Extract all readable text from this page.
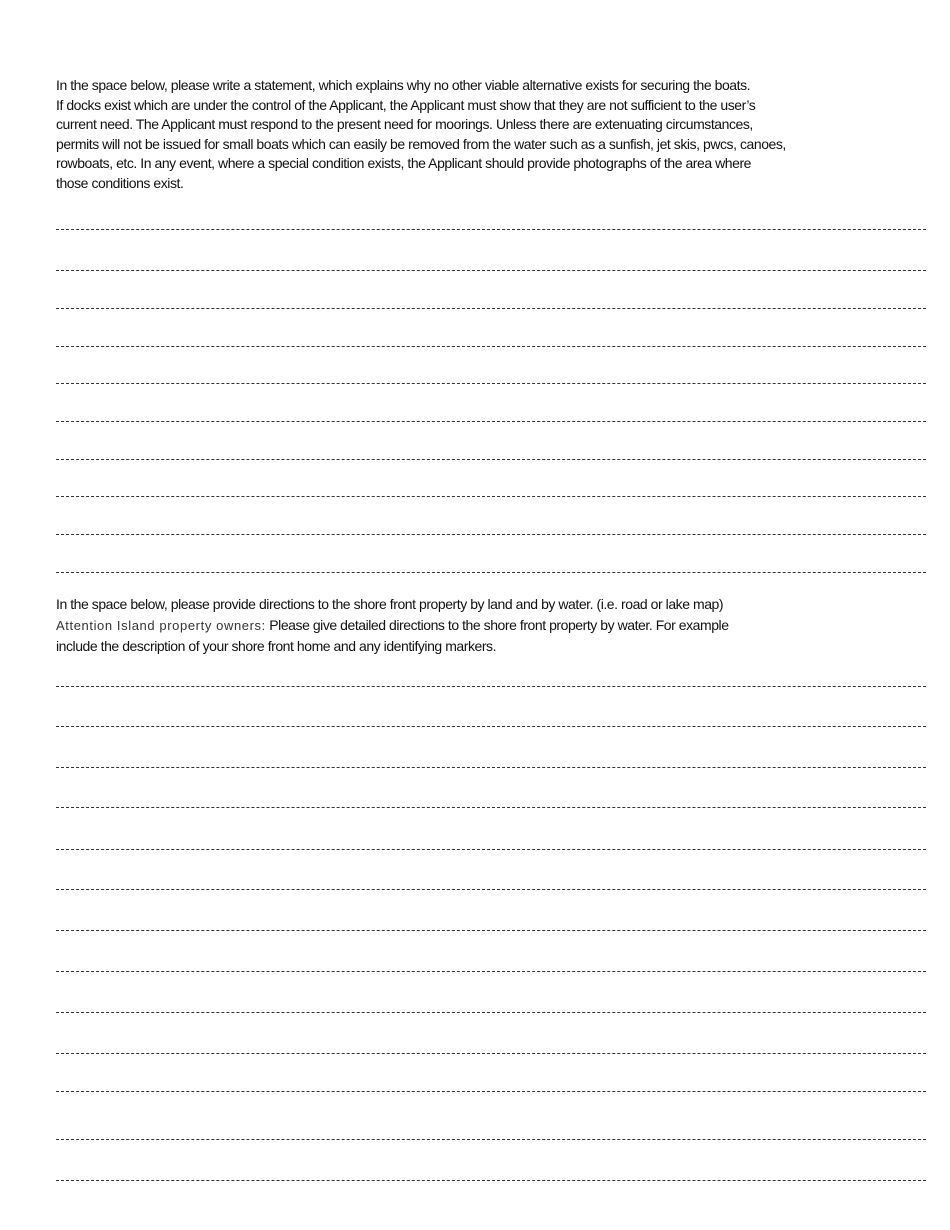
In the space below, please write a statement, which explains why no other viable alternative exists for securing the boats.
If docks exist which are under the control of the Applicant, the Applicant must show that they are not sufficient to the user’s
current need. The Applicant must respond to the present need for moorings. Unless there are extenuating circumstances,
permits will not be issued for small boats which can easily be removed from the water such as a sunfish, jet skis, pwcs, canoes,
rowboats, etc. In any event, where a special condition exists, the Applicant should provide photographs of the area where
those conditions exist.

In the space below, please provide directions to the shore front property by land and by water. (i.e. road or lake map)
Attention Island property owners: Please give detailed directions to the shore front property by water. For example
include the description of your shore front home and any identifying markers.
